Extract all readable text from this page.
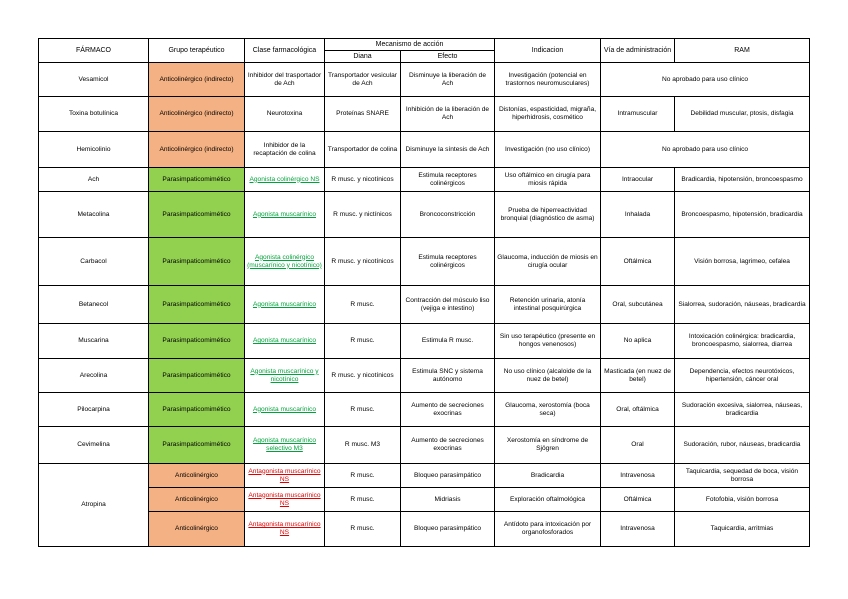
FÁRMACO	Grupo terapéutico	Clase farmacológica	Mecanismo de acción		Indicacion	Vía de administración	RAM
			Diana	Efecto			
Vesamicol	Anticolinérgico (indirecto)	Inhibidor del trasportador de Ach	Transportador vesicular de Ach	Disminuye la liberación de Ach	Investigación (potencial en trastornos neuromusculares)	No aprobado para uso clínico	
Toxina botulínica	Anticolinérgico (indirecto)	Neurotoxina	Proteínas SNARE	Inhibición de la liberación de Ach	Distonías, espasticidad, migraña, hiperhidrosis, cosmético	Intramuscular	Debilidad muscular, ptosis, disfagia
Hemicolinio	Anticolinérgico (indirecto)	Inhibidor de la recaptación de colina	Transportador de colina	Disminuye la síntesis de Ach	Investigación (no uso clínico)	No aprobado para uso clínico	
Ach	Parasimpaticomimético	Agonista colinérgico NS	R musc. y nicotínicos	Estimula receptores colinérgicos	Uso oftálmico en cirugía para miosis rápida	Intraocular	Bradicardia, hipotensión, broncoespasmo
Metacolina	Parasimpaticomimético	Agonista muscarínico	R musc. y nictínicos	Broncoconstricción	Prueba de hiperreactividad bronquial (diagnóstico de asma)	Inhalada	Broncoespasmo, hipotensión, bradicardia
Carbacol	Parasimpaticomimético	Agonista colinérgico (muscarínico y nicotínico)	R musc. y nicotínicos	Estimula receptores colinérgicos	Glaucoma, inducción de miosis en cirugía ocular	Oftálmica	Visión borrosa, lagrimeo, cefalea
Betanecol	Parasimpaticomimético	Agonista muscarínico	R musc.	Contracción del músculo liso (vejiga e intestino)	Retención urinaria, atonía intestinal posquirúrgica	Oral, subcutánea	Sialorrea, sudoración, náuseas, bradicardia
Muscarina	Parasimpaticomimético	Agonista muscarínico	R musc.	Estimula R musc.	Sin uso terapéutico (presente en hongos venenosos)	No aplica	Intoxicación colinérgica: bradicardia, broncoespasmo, sialorrea, diarrea
Arecolina	Parasimpaticomimético	Agonista muscarínico y nicotínico	R musc. y nicotínicos	Estimula SNC y sistema autónomo	No uso clínico (alcaloide de la nuez de betel)	Masticada (en nuez de betel)	Dependencia, efectos neurotóxicos, hipertensión, cáncer oral
Pilocarpina	Parasimpaticomimético	Agonista muscarínico	R musc.	Aumento de secreciones exocrinas	Glaucoma, xerostomía (boca seca)	Oral, oftálmica	Sudoración excesiva, sialorrea, náuseas, bradicardia
Cevimelina	Parasimpaticomimético	Agonista muscarínico selectivo M3	R musc. M3	Aumento de secreciones exocrinas	Xerostomía en síndrome de Sjögren	Oral	Sudoración, rubor, náuseas, bradicardia
Atropina	Anticolinérgico	Antagonista muscarínico NS	R musc.	Bloqueo parasimpático	Bradicardia	Intravenosa	Taquicardia, sequedad de boca, visión borrosa
	Anticolinérgico	Antagonista muscarínico NS	R musc.	Midriasis	Exploración oftalmológica	Oftálmica	Fotofobia, visión borrosa
	Anticolinérgico	Antagonista muscarínico NS	R musc.	Bloqueo parasimpático	Antídoto para intoxicación por organofosforados	Intravenosa	Taquicardia, arritmias
